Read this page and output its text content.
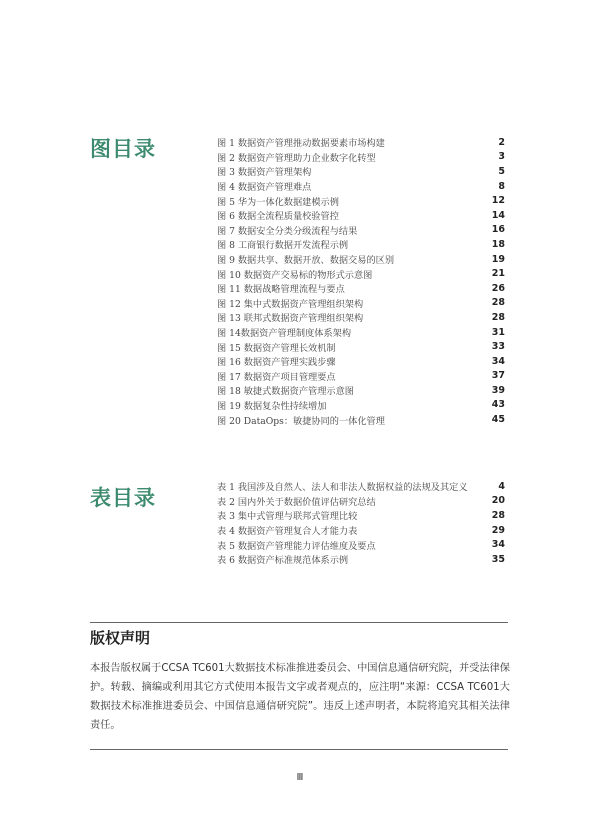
图目录	图 1 数据资产管理推动数据要素市场构建	2
图 2 数据资产管理助力企业数字化转型	3
图 3 数据资产管理架构	5
图 4 数据资产管理难点	8
图 5 华为一体化数据建模示例	12
图 6 数据全流程质量校验管控	14
图 7 数据安全分类分级流程与结果	16
图 8 工商银行数据开发流程示例	18
图 9 数据共享、数据开放、数据交易的区别	19
图 10 数据资产交易标的物形式示意图	21
图 11 数据战略管理流程与要点	26
图 12 集中式数据资产管理组织架构	28
图 13 联邦式数据资产管理组织架构	28
图 14数据资产管理制度体系架构	31
图 15 数据资产管理长效机制	33
图 16 数据资产管理实践步骤	34
图 17 数据资产项目管理要点	37
图 18 敏捷式数据资产管理示意图	39
图 19 数据复杂性持续增加	43
图 20 DataOps：敏捷协同的一体化管理	45
表目录	表 1 我国涉及自然人、法人和非法人数据权益的法规及其定义	4
表 2 国内外关于数据价值评估研究总结	20
表 3 集中式管理与联邦式管理比较	28
表 4 数据资产管理复合人才能力表	29
表 5 数据资产管理能力评估维度及要点	34
表 6 数据资产标准规范体系示例	35
版权声明
本报告版权属于CCSA TC601大数据技术标准推进委员会、中国信息通信研究院，并受法律保护。转载、摘编或利用其它方式使用本报告文字或者观点的，应注明“来源：CCSA TC601大数据技术标准推进委员会、中国信息通信研究院”。违反上述声明者，本院将追究其相关法律责任。
Ⅲ
